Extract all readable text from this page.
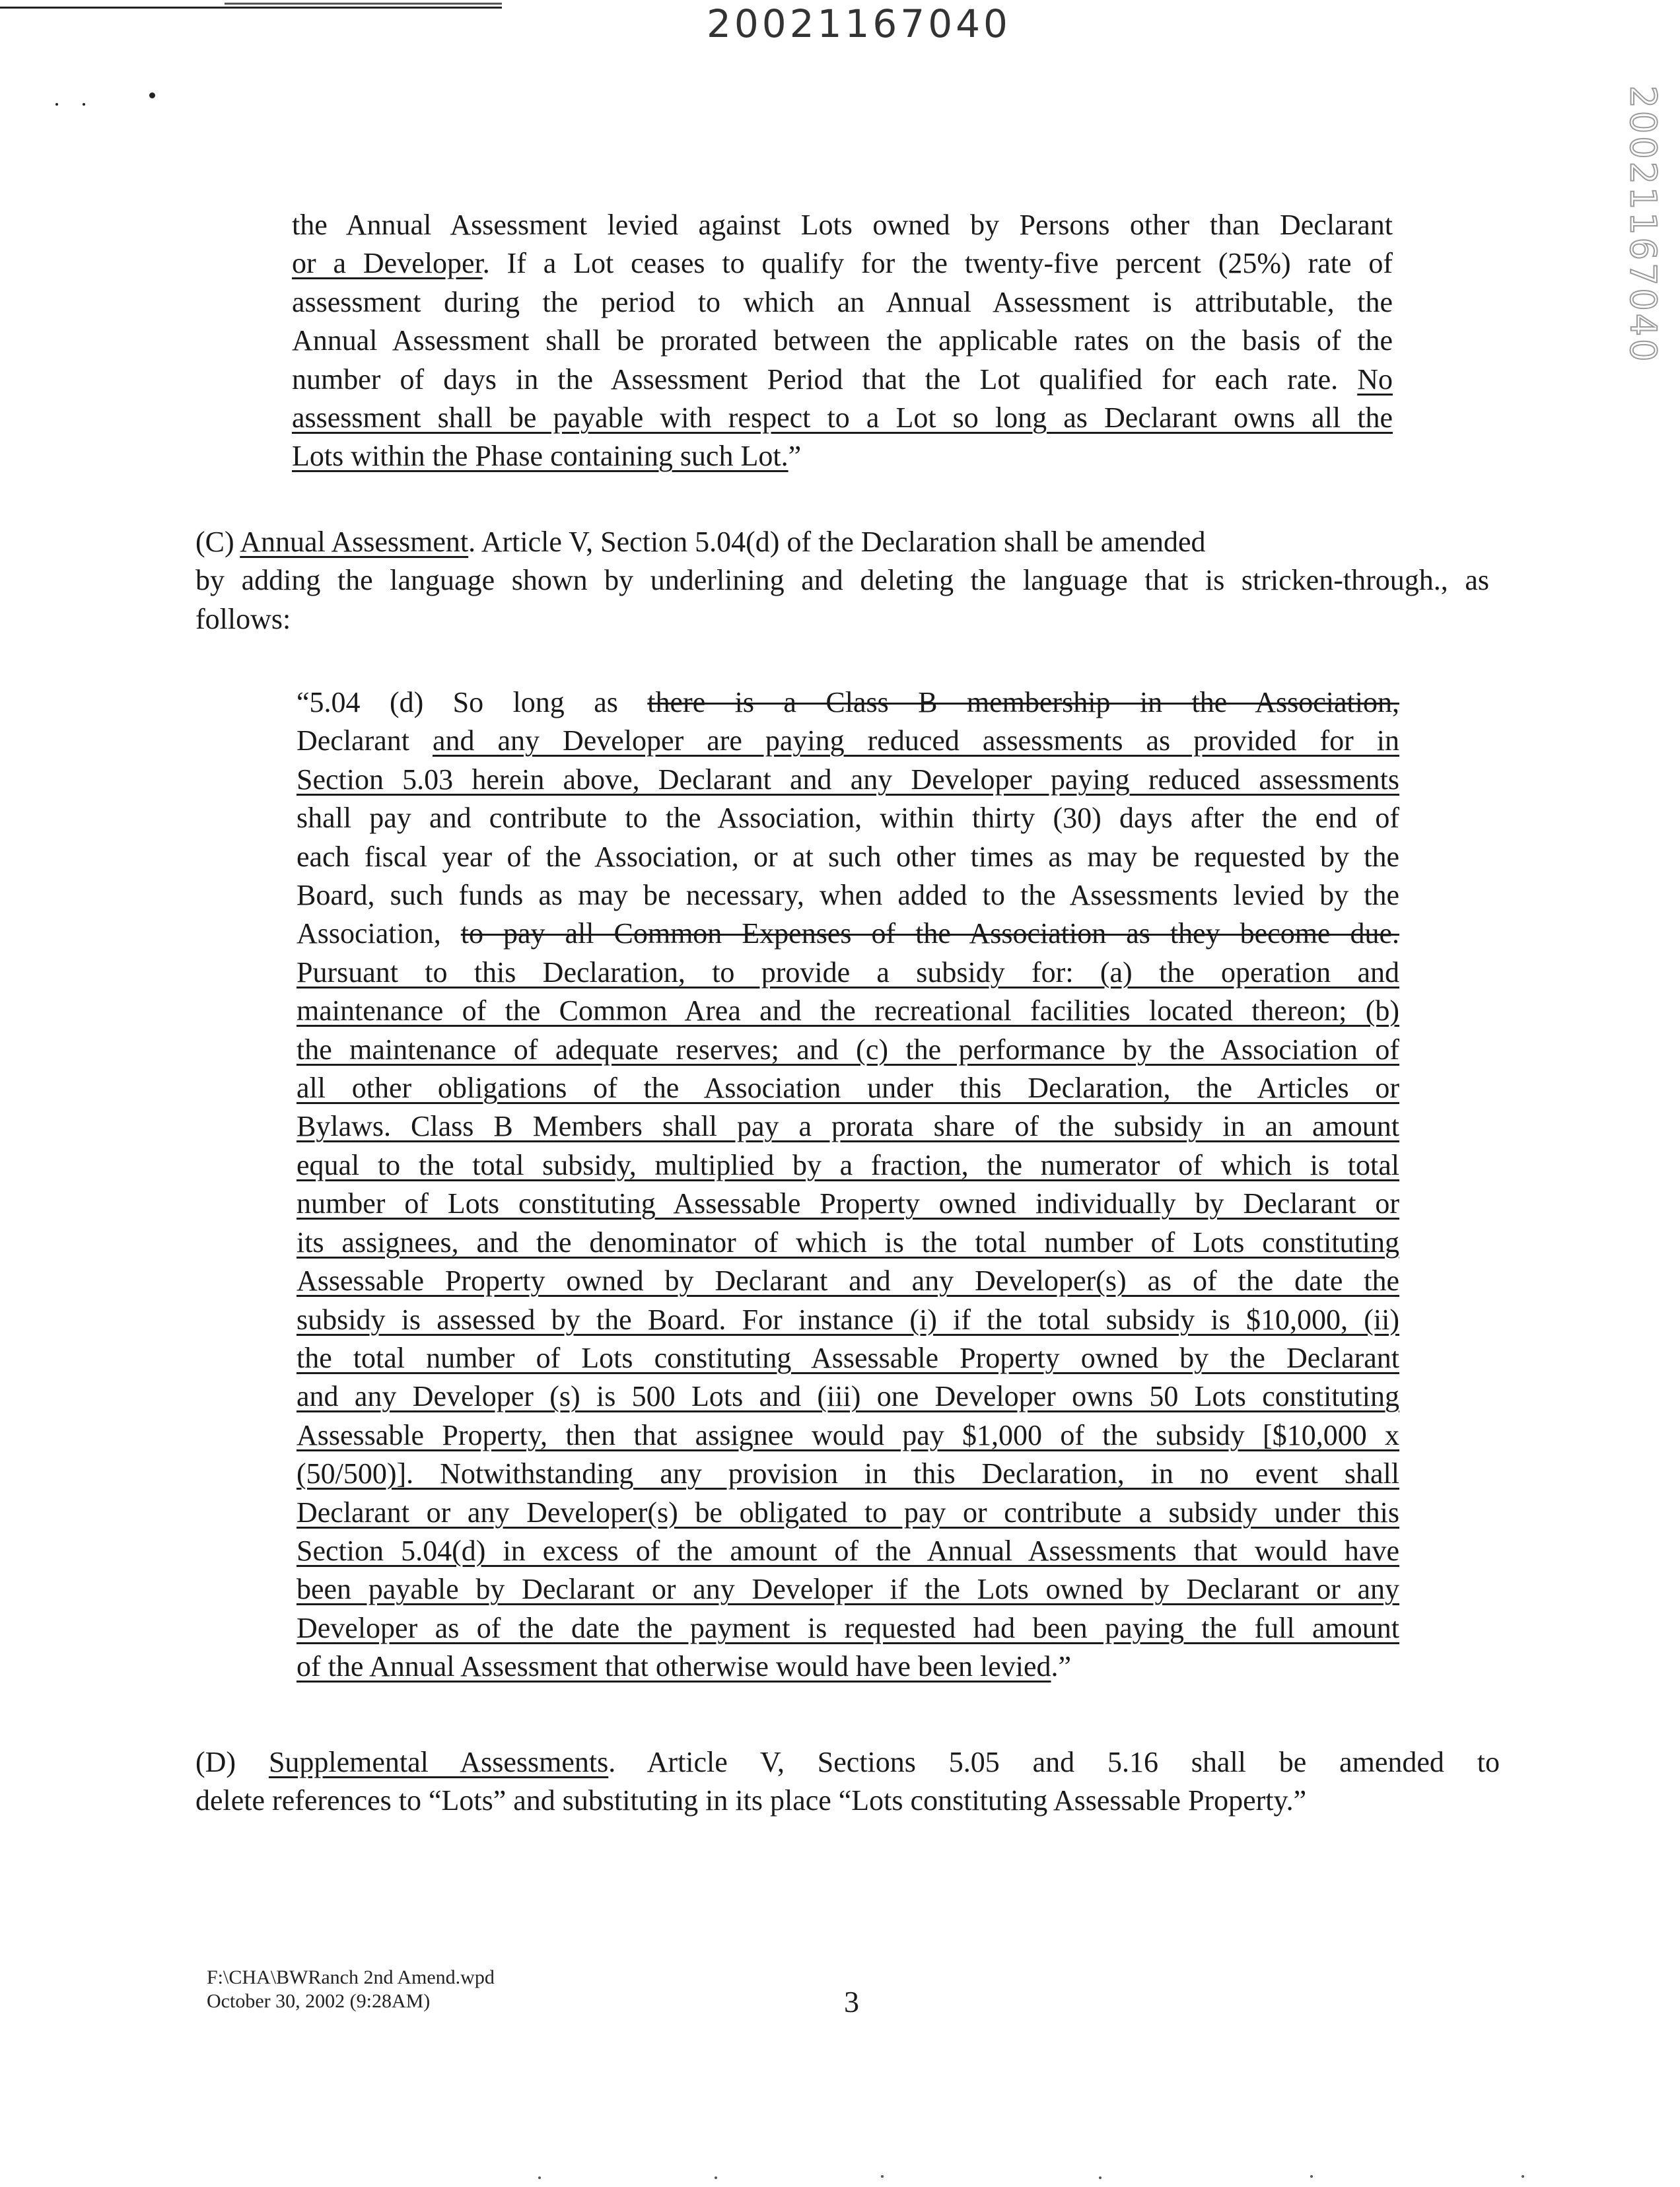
20021167040
20021167040
the Annual Assessment levied against Lots owned by Persons other than Declarant
or a Developer. If a Lot ceases to qualify for the twenty-five percent (25%) rate of
assessment during the period to which an Annual Assessment is attributable, the
Annual Assessment shall be prorated between the applicable rates on the basis of the
number of days in the Assessment Period that the Lot qualified for each rate. No
assessment shall be payable with respect to a Lot so long as Declarant owns all the
Lots within the Phase containing such Lot.”
(C) Annual Assessment. Article V, Section 5.04(d) of the Declaration shall be amended
by adding the language shown by underlining and deleting the language that is stricken-through., as
follows:
“5.04 (d) So long as there is a Class B membership in the Association,
Declarant and any Developer are paying reduced assessments as provided for in
Section 5.03 herein above, Declarant and any Developer paying reduced assessments
shall pay and contribute to the Association, within thirty (30) days after the end of
each fiscal year of the Association, or at such other times as may be requested by the
Board, such funds as may be necessary, when added to the Assessments levied by the
Association, to pay all Common Expenses of the Association as they become due.
Pursuant to this Declaration, to provide a subsidy for: (a) the operation and
maintenance of the Common Area and the recreational facilities located thereon; (b)
the maintenance of adequate reserves; and (c) the performance by the Association of
all other obligations of the Association under this Declaration, the Articles or
Bylaws. Class B Members shall pay a prorata share of the subsidy in an amount
equal to the total subsidy, multiplied by a fraction, the numerator of which is total
number of Lots constituting Assessable Property owned individually by Declarant or
its assignees, and the denominator of which is the total number of Lots constituting
Assessable Property owned by Declarant and any Developer(s) as of the date the
subsidy is assessed by the Board. For instance (i) if the total subsidy is $10,000, (ii)
the total number of Lots constituting Assessable Property owned by the Declarant
and any Developer (s) is 500 Lots and (iii) one Developer owns 50 Lots constituting
Assessable Property, then that assignee would pay $1,000 of the subsidy [$10,000 x
(50/500)]. Notwithstanding any provision in this Declaration, in no event shall
Declarant or any Developer(s) be obligated to pay or contribute a subsidy under this
Section 5.04(d) in excess of the amount of the Annual Assessments that would have
been payable by Declarant or any Developer if the Lots owned by Declarant or any
Developer as of the date the payment is requested had been paying the full amount
of the Annual Assessment that otherwise would have been levied.”
(D) Supplemental Assessments. Article V, Sections 5.05 and 5.16 shall be amended to
delete references to “Lots” and substituting in its place “Lots constituting Assessable Property.”
F:\CHA\BWRanch 2nd Amend.wpd
October 30, 2002 (9:28AM)	3
